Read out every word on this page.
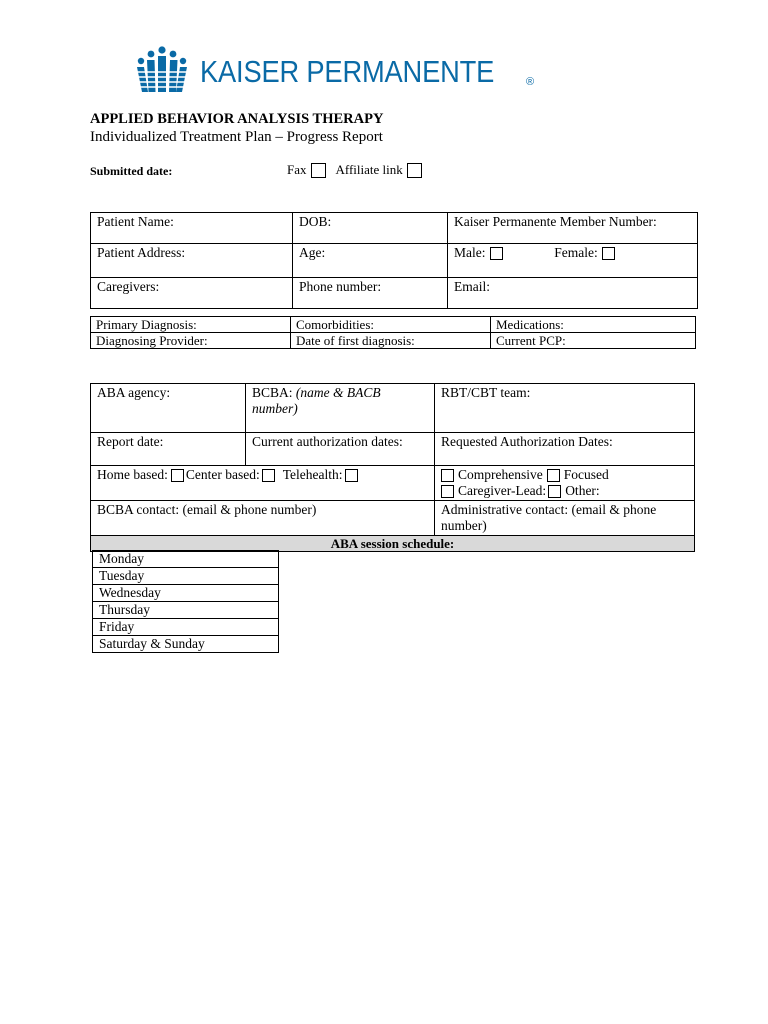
KAISER PERMANENTE	®
APPLIED BEHAVIOR ANALYSIS THERAPY
Individualized Treatment Plan – Progress Report
Submitted date:	Fax Affiliate link
Patient Name:	DOB:	Kaiser Permanente Member Number:
Patient Address:	Age:	Male: Female:
Caregivers:	Phone number:	Email:
Primary Diagnosis:	Comorbidities:	Medications:
Diagnosing Provider:	Date of first diagnosis:	Current PCP:
ABA agency:	BCBA: (name & BACB number)	RBT/CBT team:
Report date:	Current authorization dates:	Requested Authorization Dates:
Home based: Center based: Telehealth:		Comprehensive Focused
Caregiver-Lead: Other:

BCBA contact: (email & phone number)		Administrative contact: (email & phone number)
ABA session schedule:		
Monday
Tuesday
Wednesday
Thursday
Friday
Saturday & Sunday
